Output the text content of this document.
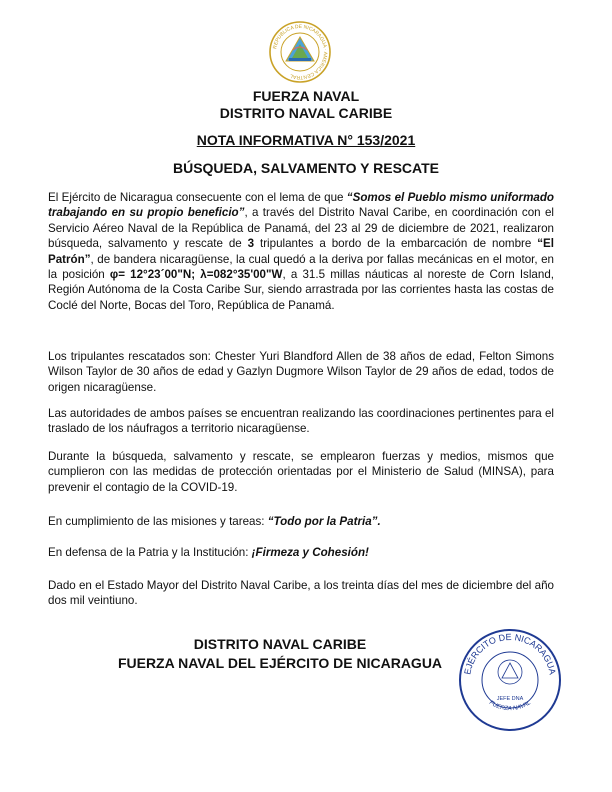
REPUBLICA DE NICARAGUA · AMERICA CENTRAL
FUERZA NAVAL
DISTRITO NAVAL CARIBE
NOTA INFORMATIVA N° 153/2021
BÚSQUEDA, SALVAMENTO Y RESCATE
El Ejército de Nicaragua consecuente con el lema de que “Somos el Pueblo mismo uniformado trabajando en su propio beneficio”, a través del Distrito Naval Caribe, en coordinación con el Servicio Aéreo Naval de la República de Panamá, del 23 al 29 de diciembre de 2021, realizaron búsqueda, salvamento y rescate de 3 tripulantes a bordo de la embarcación de nombre “El Patrón”, de bandera nicaragüense, la cual quedó a la deriva por fallas mecánicas en el motor, en la posición φ= 12°23´00"N; λ=082°35'00"W, a 31.5 millas náuticas al noreste de Corn Island, Región Autónoma de la Costa Caribe Sur, siendo arrastrada por las corrientes hasta las costas de Coclé del Norte, Bocas del Toro, República de Panamá.
Los tripulantes rescatados son: Chester Yuri Blandford Allen de 38 años de edad, Felton Simons Wilson Taylor de 30 años de edad y Gazlyn Dugmore Wilson Taylor de 29 años de edad, todos de origen nicaragüense.
Las autoridades de ambos países se encuentran realizando las coordinaciones pertinentes para el traslado de los náufragos a territorio nicaragüense.
Durante la búsqueda, salvamento y rescate, se emplearon fuerzas y medios, mismos que cumplieron con las medidas de protección orientadas por el Ministerio de Salud (MINSA), para prevenir el contagio de la COVID-19.
En cumplimiento de las misiones y tareas: “Todo por la Patria”.
En defensa de la Patria y la Institución: ¡Firmeza y Cohesión!
Dado en el Estado Mayor del Distrito Naval Caribe, a los treinta días del mes de diciembre del año dos mil veintiuno.
DISTRITO NAVAL CARIBE
FUERZA NAVAL DEL EJÉRCITO DE NICARAGUA
EJÉRCITO DE NICARAGUA
FUERZA NAVAL
JEFE DNA
